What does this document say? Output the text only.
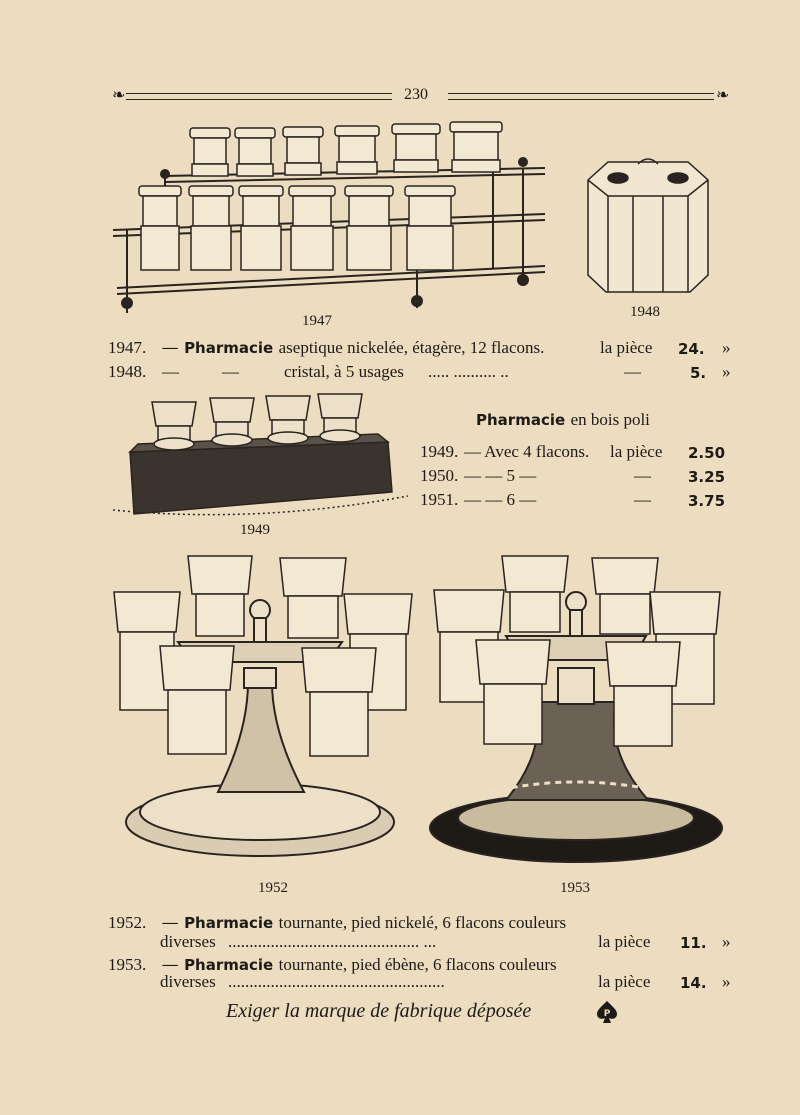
❧	230	❧
1947
1948
1947. — Pharmacie aseptique nickelée, étagère, 12 flacons.	la pièce 24. »
1948. —	—	cristal, à 5 usages ..... .......... ..	—	5. »
1949
Pharmacie en bois poli
1949. — Avec 4 flacons. la pièce 2.50
1950. — — 5 —	— 3.25
1951. — — 6 —	— 3.75
1952	1953
1952. — Pharmacie tournante, pied nickelé, 6 flacons couleurs
diverses ............................................. ...	la pièce 11. »
1953. — Pharmacie tournante, pied ébène, 6 flacons couleurs
diverses ...................................................	la pièce 14. »
Exiger la marque de fabrique déposée	P
